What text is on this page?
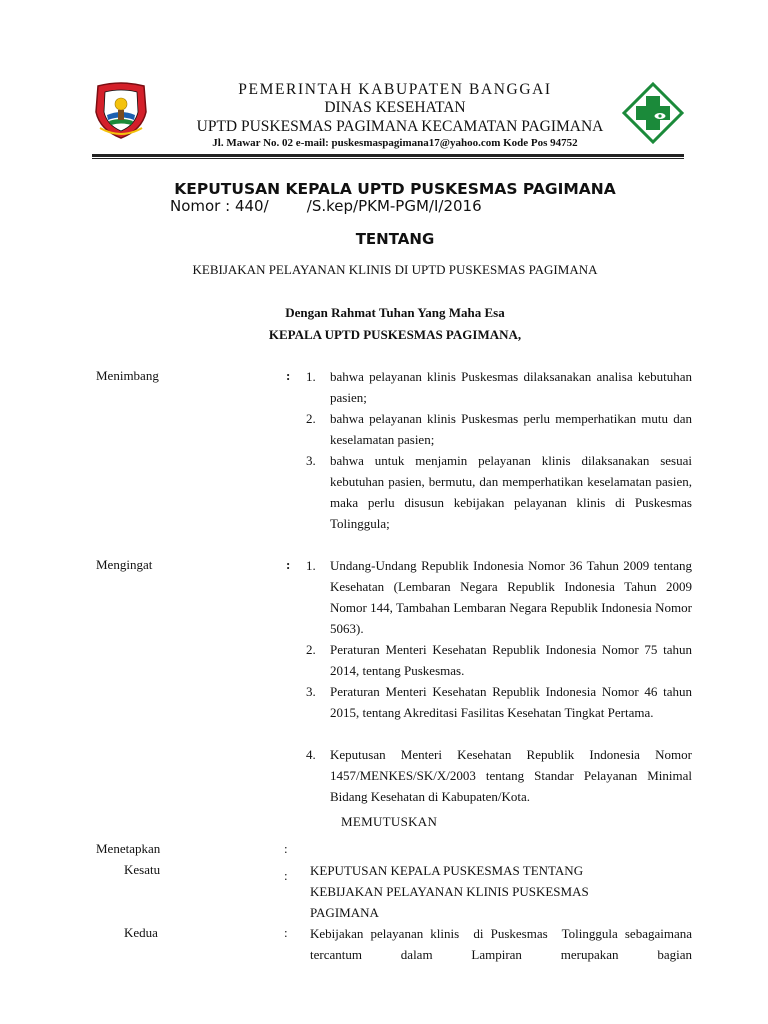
PEMERINTAH KABUPATEN BANGGAI
DINAS KESEHATAN
UPTD PUSKESMAS PAGIMANA KECAMATAN PAGIMANA
Jl. Mawar No. 02 e-mail: puskesmaspagimana17@yahoo.com Kode Pos 94752
KEPUTUSAN KEPALA UPTD PUSKESMAS PAGIMANA
Nomor : 440/        /S.kep/PKM-PGM/I/2016
TENTANG
KEBIJAKAN PELAYANAN KLINIS DI UPTD PUSKESMAS PAGIMANA
Dengan Rahmat Tuhan Yang Maha Esa
KEPALA UPTD PUSKESMAS PAGIMANA,
Menimbang	: 1.	bahwa pelayanan klinis Puskesmas dilaksanakan analisa kebutuhan pasien;
2.	bahwa pelayanan klinis Puskesmas perlu memperhatikan mutu dan keselamatan pasien;
3.	bahwa untuk menjamin pelayanan klinis dilaksanakan sesuai kebutuhan pasien, bermutu, dan memperhatikan keselamatan pasien, maka perlu disusun kebijakan pelayanan klinis di Puskesmas Tolinggula;
Mengingat	: 1.	Undang-Undang Republik Indonesia Nomor 36 Tahun 2009 tentang Kesehatan (Lembaran Negara Republik Indonesia Tahun 2009 Nomor 144, Tambahan Lembaran Negara Republik Indonesia Nomor 5063).
2.	Peraturan Menteri Kesehatan Republik Indonesia Nomor 75 tahun 2014, tentang Puskesmas.
3.	Peraturan Menteri Kesehatan Republik Indonesia Nomor 46 tahun 2015, tentang Akreditasi Fasilitas Kesehatan Tingkat Pertama.
4.	Keputusan Menteri Kesehatan Republik Indonesia Nomor 1457/MENKES/SK/X/2003 tentang Standar Pelayanan Minimal Bidang Kesehatan di Kabupaten/Kota.
MEMUTUSKAN
Menetapkan	:
Kesatu	: KEPUTUSAN KEPALA PUSKESMAS TENTANG KEBIJAKAN PELAYANAN KLINIS PUSKESMAS PAGIMANA
Kedua	: Kebijakan pelayanan klinis  di Puskesmas  Tolinggula sebagaimana tercantum dalam Lampiran merupakan bagian
